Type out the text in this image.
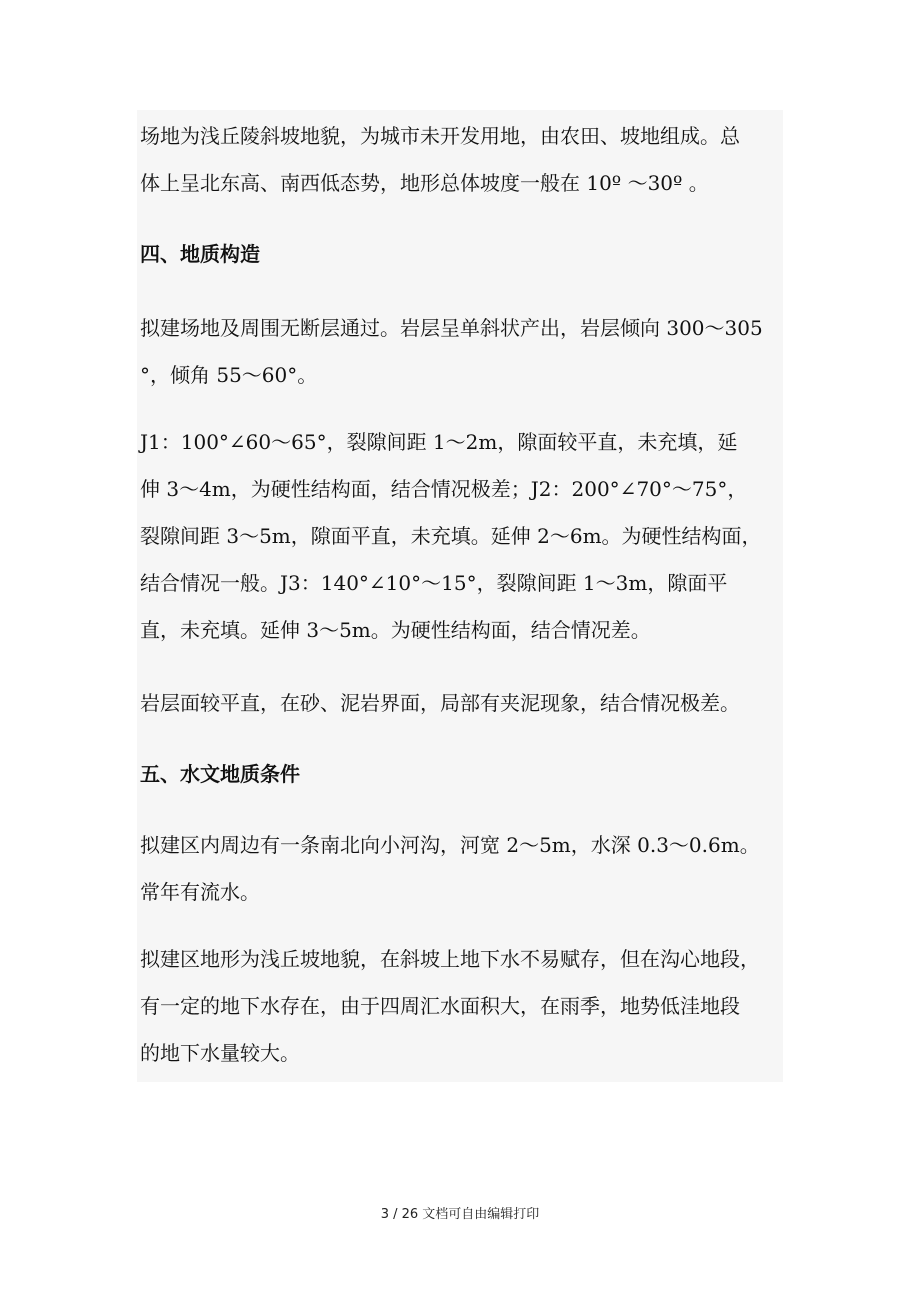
场地为浅丘陵斜坡地貌，为城市未开发用地，由农田、坡地组成。总
体上呈北东高、南西低态势，地形总体坡度一般在 10º ～30º 。

四、地质构造

拟建场地及周围无断层通过。岩层呈单斜状产出，岩层倾向 300～305
°，倾角 55～60°。

J1：100°∠60～65°，裂隙间距 1～2m，隙面较平直，未充填，延
伸 3～4m，为硬性结构面，结合情况极差；J2：200°∠70°～75°，
裂隙间距 3～5m，隙面平直，未充填。延伸 2～6m。为硬性结构面，
结合情况一般。J3：140°∠10°～15°，裂隙间距 1～3m，隙面平
直，未充填。延伸 3～5m。为硬性结构面，结合情况差。

岩层面较平直，在砂、泥岩界面，局部有夹泥现象，结合情况极差。

五、水文地质条件

拟建区内周边有一条南北向小河沟，河宽 2～5m，水深 0.3～0.6m。
常年有流水。

拟建区地形为浅丘坡地貌，在斜坡上地下水不易赋存，但在沟心地段，
有一定的地下水存在，由于四周汇水面积大，在雨季，地势低洼地段
的地下水量较大。

3 / 26 文档可自由编辑打印
